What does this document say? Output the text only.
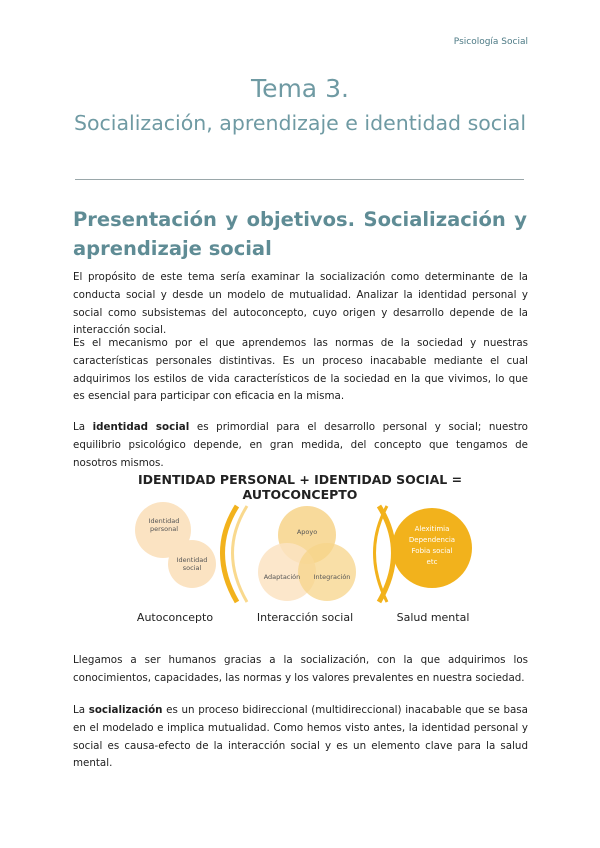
Psicología Social
Tema 3.
Socialización, aprendizaje e identidad social
Presentación y objetivos. Socialización y aprendizaje social

El propósito de este tema sería examinar la socialización como determinante de la conducta social y desde un modelo de mutualidad. Analizar la identidad personal y social como subsistemas del autoconcepto, cuyo origen y desarrollo depende de la interacción social.

Es el mecanismo por el que aprendemos las normas de la sociedad y nuestras características personales distintivas. Es un proceso inacabable mediante el cual adquirimos los estilos de vida característicos de la sociedad en la que vivimos, lo que es esencial para participar con eficacia en la misma.

La identidad social es primordial para el desarrollo personal y social; nuestro equilibrio psicológico depende, en gran medida, del concepto que tengamos de nosotros mismos.

IDENTIDAD PERSONAL + IDENTIDAD SOCIAL = AUTOCONCEPTO
Identidad personal
Identidad social
Apoyo
Adaptación Integración
Alexitimia
Dependencia
Fobia social
etc
Autoconcepto	Interacción social	Salud mental

Llegamos a ser humanos gracias a la socialización, con la que adquirimos los conocimientos, capacidades, las normas y los valores prevalentes en nuestra sociedad.

La socialización es un proceso bidireccional (multidireccional) inacabable que se basa en el modelado e implica mutualidad. Como hemos visto antes, la identidad personal y social es causa-efecto de la interacción social y es un elemento clave para la salud mental.
